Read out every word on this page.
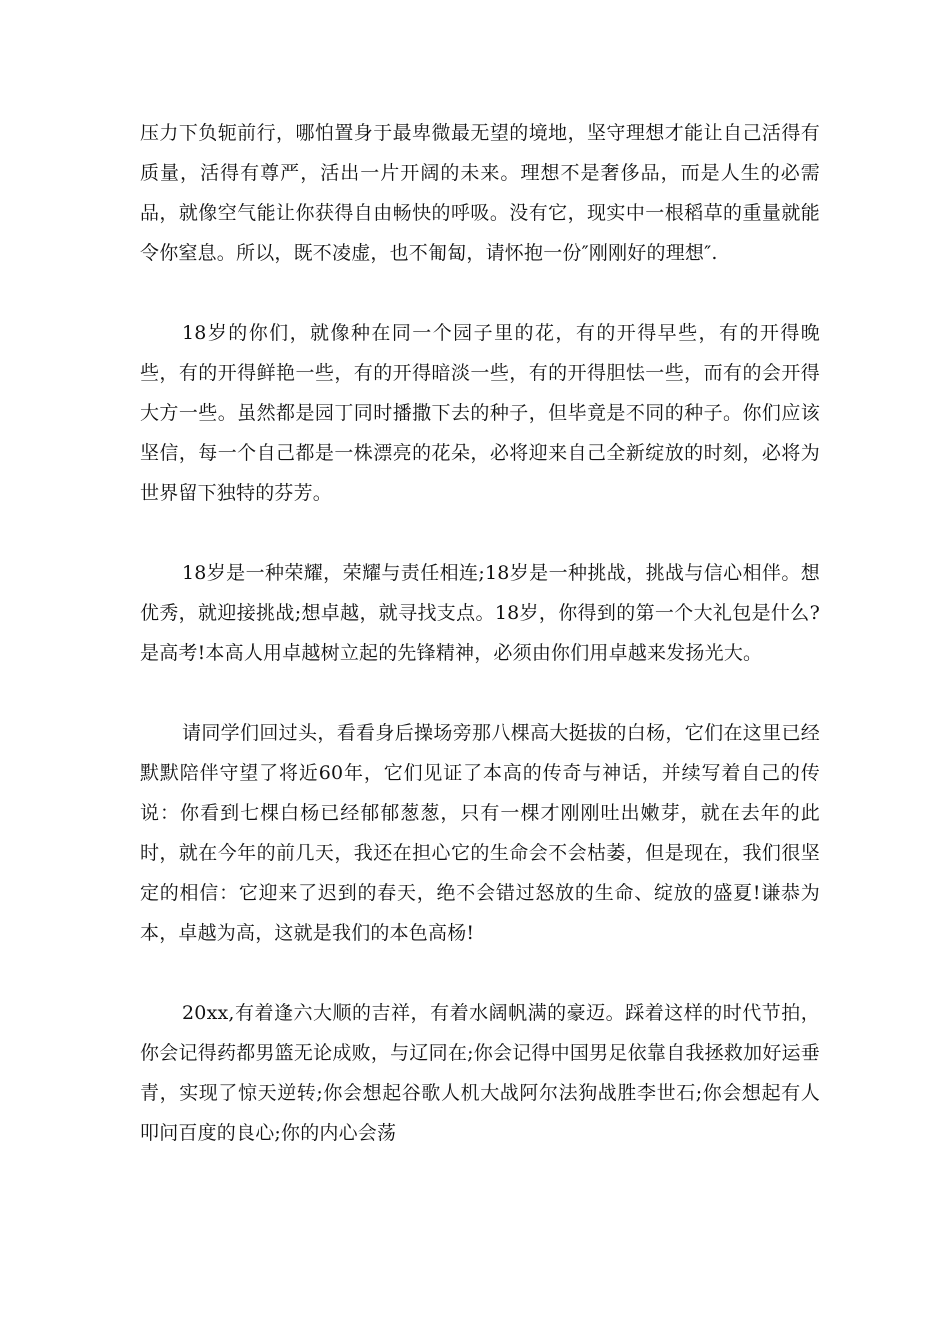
压力下负轭前行，哪怕置身于最卑微最无望的境地，坚守理想才能让自己活得有质量，活得有尊严，活出一片开阔的未来。理想不是奢侈品，而是人生的必需品，就像空气能让你获得自由畅快的呼吸。没有它，现实中一根稻草的重量就能令你窒息。所以，既不凌虚，也不匍匐，请怀抱一份″刚刚好的理想″.

18岁的你们，就像种在同一个园子里的花，有的开得早些，有的开得晚些，有的开得鲜艳一些，有的开得暗淡一些，有的开得胆怯一些，而有的会开得大方一些。虽然都是园丁同时播撒下去的种子，但毕竟是不同的种子。你们应该坚信，每一个自己都是一株漂亮的花朵，必将迎来自己全新绽放的时刻，必将为世界留下独特的芬芳。

18岁是一种荣耀，荣耀与责任相连;18岁是一种挑战，挑战与信心相伴。想优秀，就迎接挑战;想卓越，就寻找支点。18岁，你得到的第一个大礼包是什么?是高考!本高人用卓越树立起的先锋精神，必须由你们用卓越来发扬光大。

请同学们回过头，看看身后操场旁那八棵高大挺拔的白杨，它们在这里已经默默陪伴守望了将近60年，它们见证了本高的传奇与神话，并续写着自己的传说：你看到七棵白杨已经郁郁葱葱，只有一棵才刚刚吐出嫩芽，就在去年的此时，就在今年的前几天，我还在担心它的生命会不会枯萎，但是现在，我们很坚定的相信：它迎来了迟到的春天，绝不会错过怒放的生命、绽放的盛夏!谦恭为本，卓越为高，这就是我们的本色高杨!

20xx,有着逢六大顺的吉祥，有着水阔帆满的豪迈。踩着这样的时代节拍，你会记得药都男篮无论成败，与辽同在;你会记得中国男足依靠自我拯救加好运垂青，实现了惊天逆转;你会想起谷歌人机大战阿尔法狗战胜李世石;你会想起有人叩问百度的良心;你的内心会荡
